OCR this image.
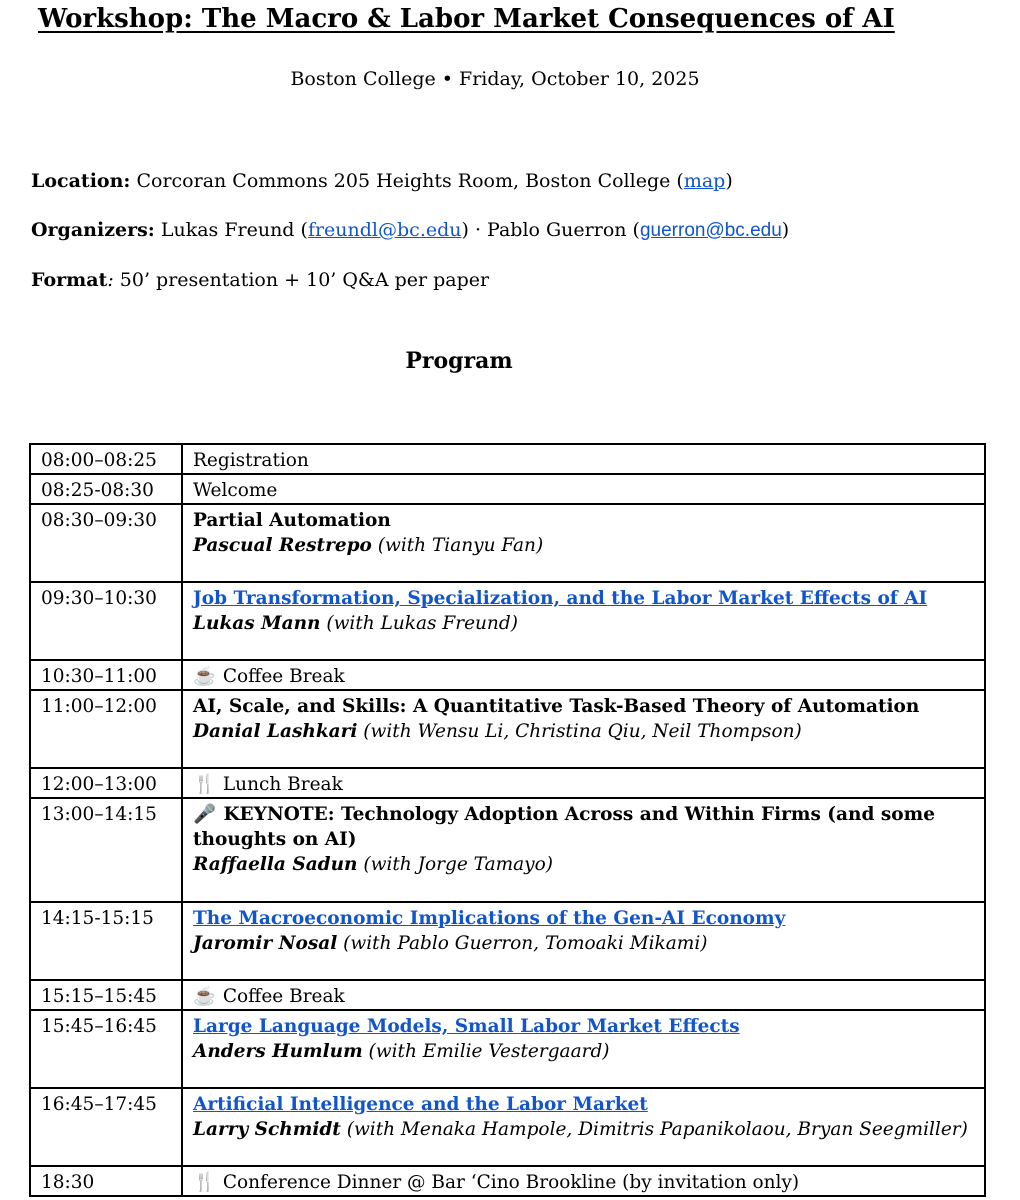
Workshop: The Macro & Labor Market Consequences of AI
Boston College • Friday, October 10, 2025
Location: Corcoran Commons 205 Heights Room, Boston College (map)
Organizers: Lukas Freund (freundl@bc.edu) · Pablo Guerron (guerron@bc.edu)
Format: 50’ presentation + 10’ Q&A per paper
Program
08:00–08:25	Registration
08:25-08:30	Welcome
08:30–09:30	Partial Automation
Pascual Restrepo (with Tianyu Fan)

09:30–10:30	Job Transformation, Specialization, and the Labor Market Effects of AI
Lukas Mann (with Lukas Freund)

10:30–11:00	☕ Coffee Break
11:00–12:00	AI, Scale, and Skills: A Quantitative Task-Based Theory of Automation
Danial Lashkari (with Wensu Li, Christina Qiu, Neil Thompson)

12:00–13:00	🍴 Lunch Break
13:00–14:15	🎤 KEYNOTE: Technology Adoption Across and Within Firms (and some thoughts on AI)
Raffaella Sadun (with Jorge Tamayo)

14:15-15:15	The Macroeconomic Implications of the Gen-AI Economy
Jaromir Nosal (with Pablo Guerron, Tomoaki Mikami)

15:15–15:45	☕ Coffee Break
15:45–16:45	Large Language Models, Small Labor Market Effects
Anders Humlum (with Emilie Vestergaard)

16:45–17:45	Artificial Intelligence and the Labor Market
Larry Schmidt (with Menaka Hampole, Dimitris Papanikolaou, Bryan Seegmiller)

18:30	🍴 Conference Dinner @ Bar ‘Cino Brookline (by invitation only)
